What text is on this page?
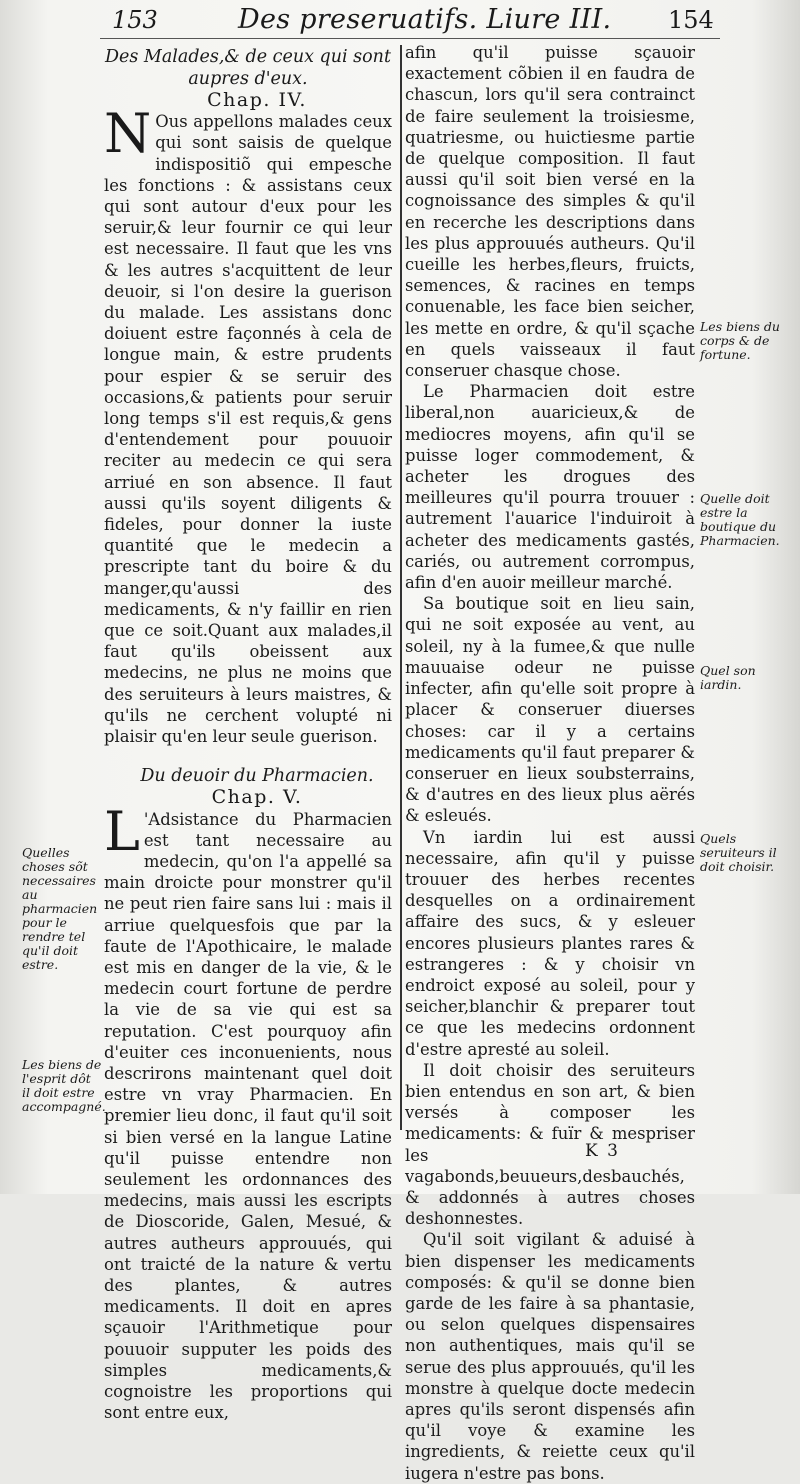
153	Des preseruatifs. Liure III. 154

Des Malades,& de ceux qui sont aupres d'eux.

Chap. IV.

N Ous appellons malades ceux qui sont saisis de quelque indispositiõ qui empesche les fonctions : & assistans ceux qui sont autour d'eux pour les seruir,& leur fournir ce qui leur est necessaire. Il faut que les vns & les autres s'acquittent de leur deuoir, si l'on desire la guerison du malade. Les assistans donc doiuent estre façonnés à cela de longue main, & estre prudents pour espier & se seruir des occasions,& patients pour seruir long temps s'il est requis,& gens d'entendement pour pouuoir reciter au medecin ce qui sera arriué en son absence. Il faut aussi qu'ils soyent diligents & fideles, pour donner la iuste quantité que le medecin a prescripte tant du boire & du manger,qu'aussi des medicaments, & n'y faillir en rien que ce soit.Quant aux malades,il faut qu'ils obeissent aux medecins, ne plus ne moins que des seruiteurs à leurs maistres, & qu'ils ne cerchent volupté ni plaisir qu'en leur seule guerison.

Du deuoir du Pharmacien.

Chap. V.

L 'Adsistance du Pharmacien est tant necessaire au medecin, qu'on l'a appellé sa main droicte pour monstrer qu'il ne peut rien faire sans lui : mais il arriue quelquesfois que par la faute de l'Apothicaire, le malade est mis en danger de la vie, & le medecin court fortune de perdre la vie de sa vie qui est sa reputation. C'est pourquoy afin d'euiter ces inconuenients, nous descrirons maintenant quel doit estre vn vray Pharmacien. En premier lieu donc, il faut qu'il soit si bien versé en la langue Latine qu'il puisse entendre non seulement les ordonnances des medecins, mais aussi les escripts de Dioscoride, Galen, Mesué, & autres autheurs approuués, qui ont traicté de la nature & vertu des plantes, & autres medicaments. Il doit en apres sçauoir l'Arithmetique pour pouuoir supputer les poids des simples medicaments,& cognoistre les proportions qui sont entre eux,

afin qu'il puisse sçauoir exactement cõbien il en faudra de chascun, lors qu'il sera contrainct de faire seulement la troisiesme, quatriesme, ou huictiesme partie de quelque composition. Il faut aussi qu'il soit bien versé en la cognoissance des simples & qu'il en recerche les descriptions dans les plus approuués autheurs. Qu'il cueille les herbes,fleurs, fruicts, semences, & racines en temps conuenable, les face bien seicher, les mette en ordre, & qu'il sçache en quels vaisseaux il faut conseruer chasque chose.

Le Pharmacien doit estre liberal,non auaricieux,& de mediocres moyens, afin qu'il se puisse loger commodement, & acheter les drogues des meilleures qu'il pourra trouuer : autrement l'auarice l'induiroit à acheter des medicaments gastés, cariés, ou autrement corrompus, afin d'en auoir meilleur marché.

Sa boutique soit en lieu sain, qui ne soit exposée au vent, au soleil, ny à la fumee,& que nulle mauuaise odeur ne puisse infecter, afin qu'elle soit propre à placer & conseruer diuerses choses: car il y a certains medicaments qu'il faut preparer & conseruer en lieux soubsterrains, & d'autres en des lieux plus aërés & esleués.

Vn iardin lui est aussi necessaire, afin qu'il y puisse trouuer des herbes recentes desquelles on a ordinairement affaire des sucs, & y esleuer encores plusieurs plantes rares & estrangeres : & y choisir vn endroict exposé au soleil, pour y seicher,blanchir & preparer tout ce que les medecins ordonnent d'estre apresté au soleil.

Il doit choisir des seruiteurs bien entendus en son art, & bien versés à composer les medicaments: & fuïr & mespriser les vagabonds,beuueurs,desbauchés, & addonnés à autres choses deshonnestes.

Qu'il soit vigilant & aduisé à bien dispenser les medicaments composés: & qu'il se donne bien garde de les faire à sa phantasie, ou selon quelques dispensaires non authentiques, mais qu'il se serue des plus approuués, qu'il les monstre à quelque docte medecin apres qu'ils seront dispensés afin qu'il voye & examine les ingredients, & reiette ceux qu'il iugera n'estre pas bons.

Les biens du corps & de fortune.
Quelle doit estre la boutique du Pharmacien.
Quel son iardin.
Quels seruiteurs il doit choisir.
Quelles choses sõt necessaires au pharmacien pour le rendre tel qu'il doit estre.
Les biens de l'esprit dôt il doit estre accompagné.
K 3
